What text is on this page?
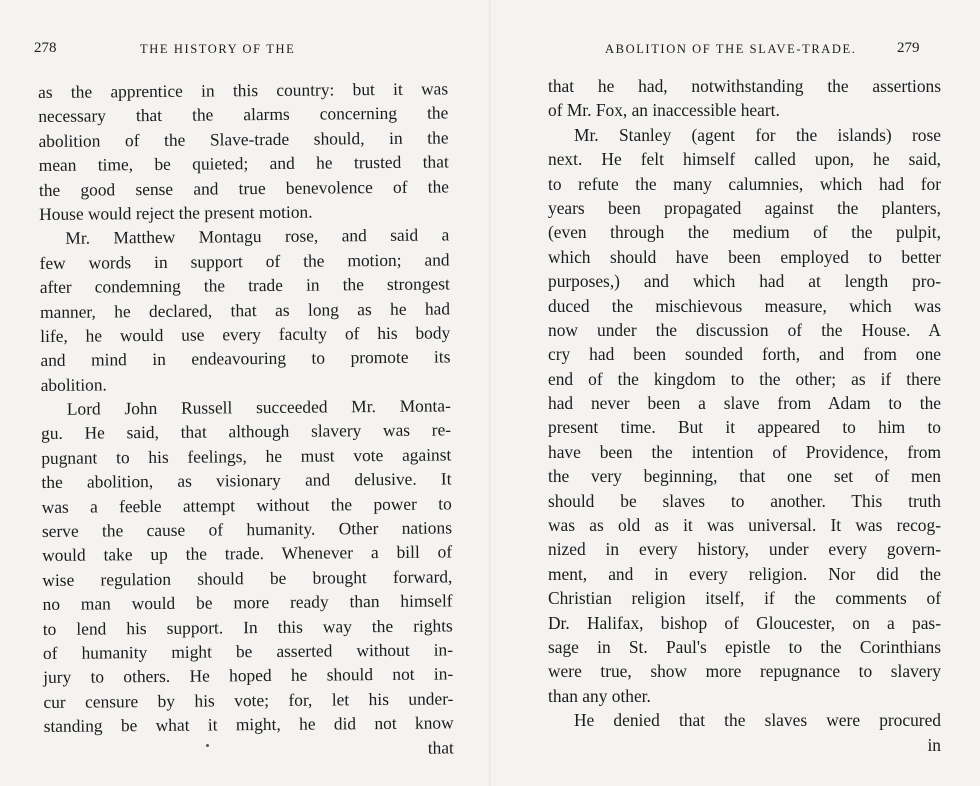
278	THE HISTORY OF THE
as the apprentice in this country: but it was
necessary that the alarms concerning the
abolition of the Slave-trade should, in the
mean time, be quieted; and he trusted that
the good sense and true benevolence of the
House would reject the present motion.
Mr. Matthew Montagu rose, and said a
few words in support of the motion; and
after condemning the trade in the strongest
manner, he declared, that as long as he had
life, he would use every faculty of his body
and mind in endeavouring to promote its
abolition.
Lord John Russell succeeded Mr. Monta-
gu. He said, that although slavery was re-
pugnant to his feelings, he must vote against
the abolition, as visionary and delusive. It
was a feeble attempt without the power to
serve the cause of humanity. Other nations
would take up the trade. Whenever a bill of
wise regulation should be brought forward,
no man would be more ready than himself
to lend his support. In this way the rights
of humanity might be asserted without in-
jury to others. He hoped he should not in-
cur censure by his vote; for, let his under-
standing be what it might, he did not know
that
ABOLITION OF THE SLAVE-TRADE.	279
that he had, notwithstanding the assertions
of Mr. Fox, an inaccessible heart.
Mr. Stanley (agent for the islands) rose
next. He felt himself called upon, he said,
to refute the many calumnies, which had for
years been propagated against the planters,
(even through the medium of the pulpit,
which should have been employed to better
purposes,) and which had at length pro-
duced the mischievous measure, which was
now under the discussion of the House. A
cry had been sounded forth, and from one
end of the kingdom to the other; as if there
had never been a slave from Adam to the
present time. But it appeared to him to
have been the intention of Providence, from
the very beginning, that one set of men
should be slaves to another. This truth
was as old as it was universal. It was recog-
nized in every history, under every govern-
ment, and in every religion. Nor did the
Christian religion itself, if the comments of
Dr. Halifax, bishop of Gloucester, on a pas-
sage in St. Paul's epistle to the Corinthians
were true, show more repugnance to slavery
than any other.
He denied that the slaves were procured
in
